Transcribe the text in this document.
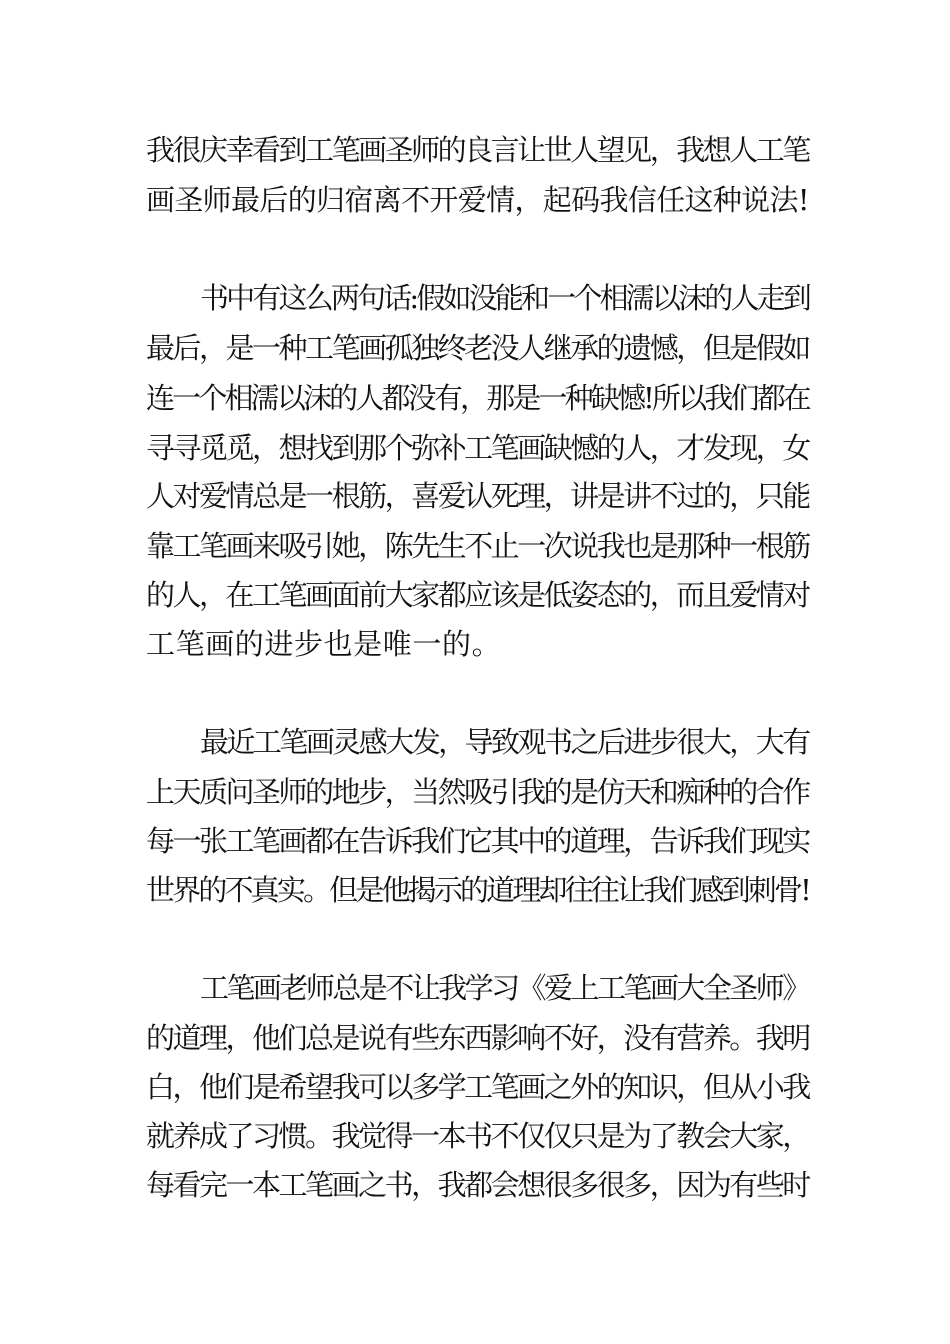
我很庆幸看到工笔画圣师的良言让世人望见，我想人工笔
画圣师最后的归宿离不开爱情，起码我信任这种说法!
书中有这么两句话:假如没能和一个相濡以沫的人走到
最后，是一种工笔画孤独终老没人继承的遗憾，但是假如
连一个相濡以沫的人都没有，那是一种缺憾!所以我们都在
寻寻觅觅，想找到那个弥补工笔画缺憾的人，才发现，女
人对爱情总是一根筋，喜爱认死理，讲是讲不过的，只能
靠工笔画来吸引她，陈先生不止一次说我也是那种一根筋
的人，在工笔画面前大家都应该是低姿态的，而且爱情对
工笔画的进步也是唯一的。
最近工笔画灵感大发，导致观书之后进步很大，大有
上天质问圣师的地步，当然吸引我的是仿天和痴种的合作
每一张工笔画都在告诉我们它其中的道理，告诉我们现实
世界的不真实。但是他揭示的道理却往往让我们感到刺骨!
工笔画老师总是不让我学习《爱上工笔画大全圣师》
的道理，他们总是说有些东西影响不好，没有营养。我明
白，他们是希望我可以多学工笔画之外的知识，但从小我
就养成了习惯。我觉得一本书不仅仅只是为了教会大家，
每看完一本工笔画之书，我都会想很多很多，因为有些时
